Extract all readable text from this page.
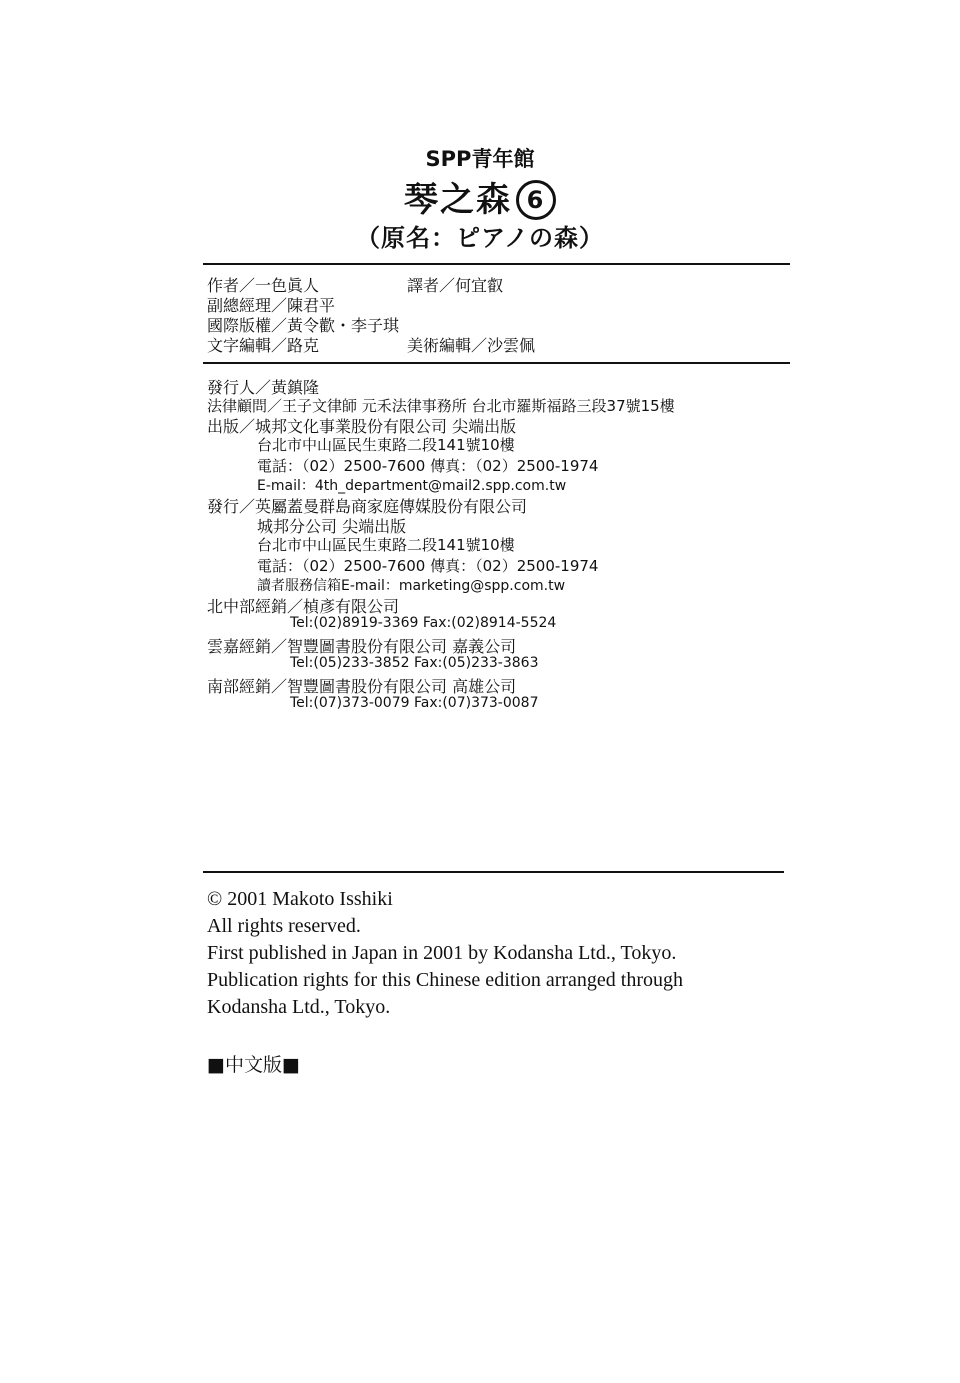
SPP青年館
琴之森 6
（原名：ピアノの森）
作者／一色眞人	譯者／何宜叡
副總經理／陳君平
國際版權／黃令歡・李子琪
文字編輯／路克	美術編輯／沙雲佩
發行人／黃鎮隆
法律顧問／王子文律師 元禾法律事務所 台北市羅斯福路三段37號15樓
出版／城邦文化事業股份有限公司 尖端出版
台北市中山區民生東路二段141號10樓
電話：（02）2500-7600 傳真：（02）2500-1974
E-mail：4th_department@mail2.spp.com.tw
發行／英屬蓋曼群島商家庭傳媒股份有限公司
城邦分公司 尖端出版
台北市中山區民生東路二段141號10樓
電話：（02）2500-7600 傳真：（02）2500-1974
讀者服務信箱E-mail：marketing@spp.com.tw
北中部經銷／楨彥有限公司
Tel:(02)8919-3369 Fax:(02)8914-5524
雲嘉經銷／智豐圖書股份有限公司 嘉義公司
Tel:(05)233-3852 Fax:(05)233-3863
南部經銷／智豐圖書股份有限公司 高雄公司
Tel:(07)373-0079 Fax:(07)373-0087
© 2001 Makoto Isshiki
All rights reserved.
First published in Japan in 2001 by Kodansha Ltd., Tokyo.
Publication rights for this Chinese edition arranged through
Kodansha Ltd., Tokyo.
■中文版■
